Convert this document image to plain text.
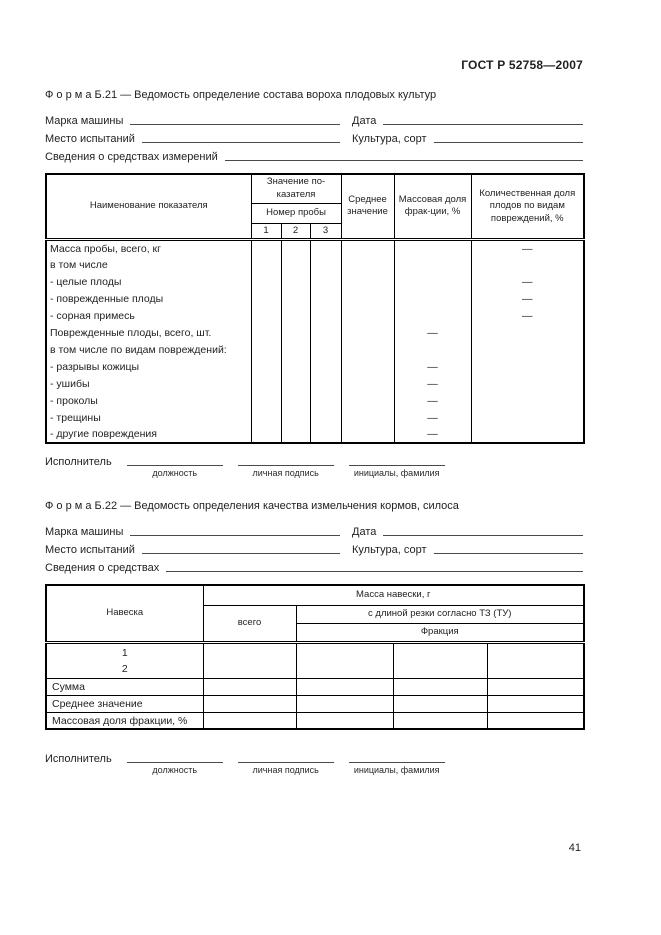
ГОСТ Р 52758—2007
Ф о р м а Б.21 — Ведомость определение состава вороха плодовых культур
Марка машины	Дата
Место испытаний	Культура, сорт
Сведения о средствах измерений
Наименование показателя	Значение по-казателя			Среднее значение	Массовая доля фрак-ции, %	Количественная доля плодов по видам повреждений, %
	Номер пробы					
	1	2	3			
Масса пробы, всего, кг						—
в том числе						
- целые плоды						—
- поврежденные плоды						—
- сорная примесь						—
Поврежденные плоды, всего, шт.					—	
в том числе по видам повреждений:						
- разрывы кожицы					—	
- ушибы					—	
- проколы					—	
- трещины					—	
- другие повреждения					—	
Исполнитель
должность	личная подпись	инициалы, фамилия
Ф о р м а Б.22 — Ведомость определения качества измельчения кормов, силоса
Марка машины	Дата
Место испытаний	Культура, сорт
Сведения о средствах
Навеска	Масса навески, г			
	всего	с длиной резки согласно ТЗ (ТУ)		
		Фракция		

1
2				

Сумма				
Среднее значение				
Массовая доля фракции, %				
Исполнитель
должность	личная подпись	инициалы, фамилия
41
